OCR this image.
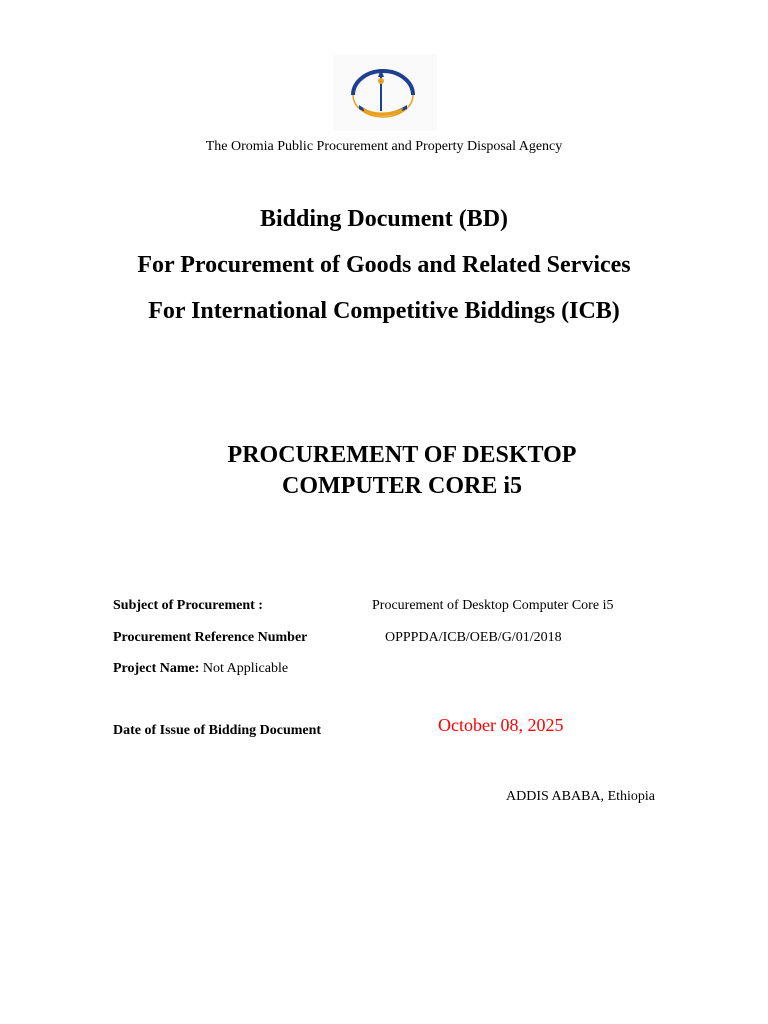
The Oromia Public Procurement and Property Disposal Agency
Bidding Document (BD)
For Procurement of Goods and Related Services
For International Competitive Biddings (ICB)
PROCUREMENT OF DESKTOP
COMPUTER CORE i5
Subject of Procurement :	Procurement of Desktop Computer Core i5
Procurement Reference Number	OPPPDA/ICB/OEB/G/01/2018
Project Name: Not Applicable
Date of Issue of Bidding Document	October 08, 2025
ADDIS ABABA, Ethiopia
